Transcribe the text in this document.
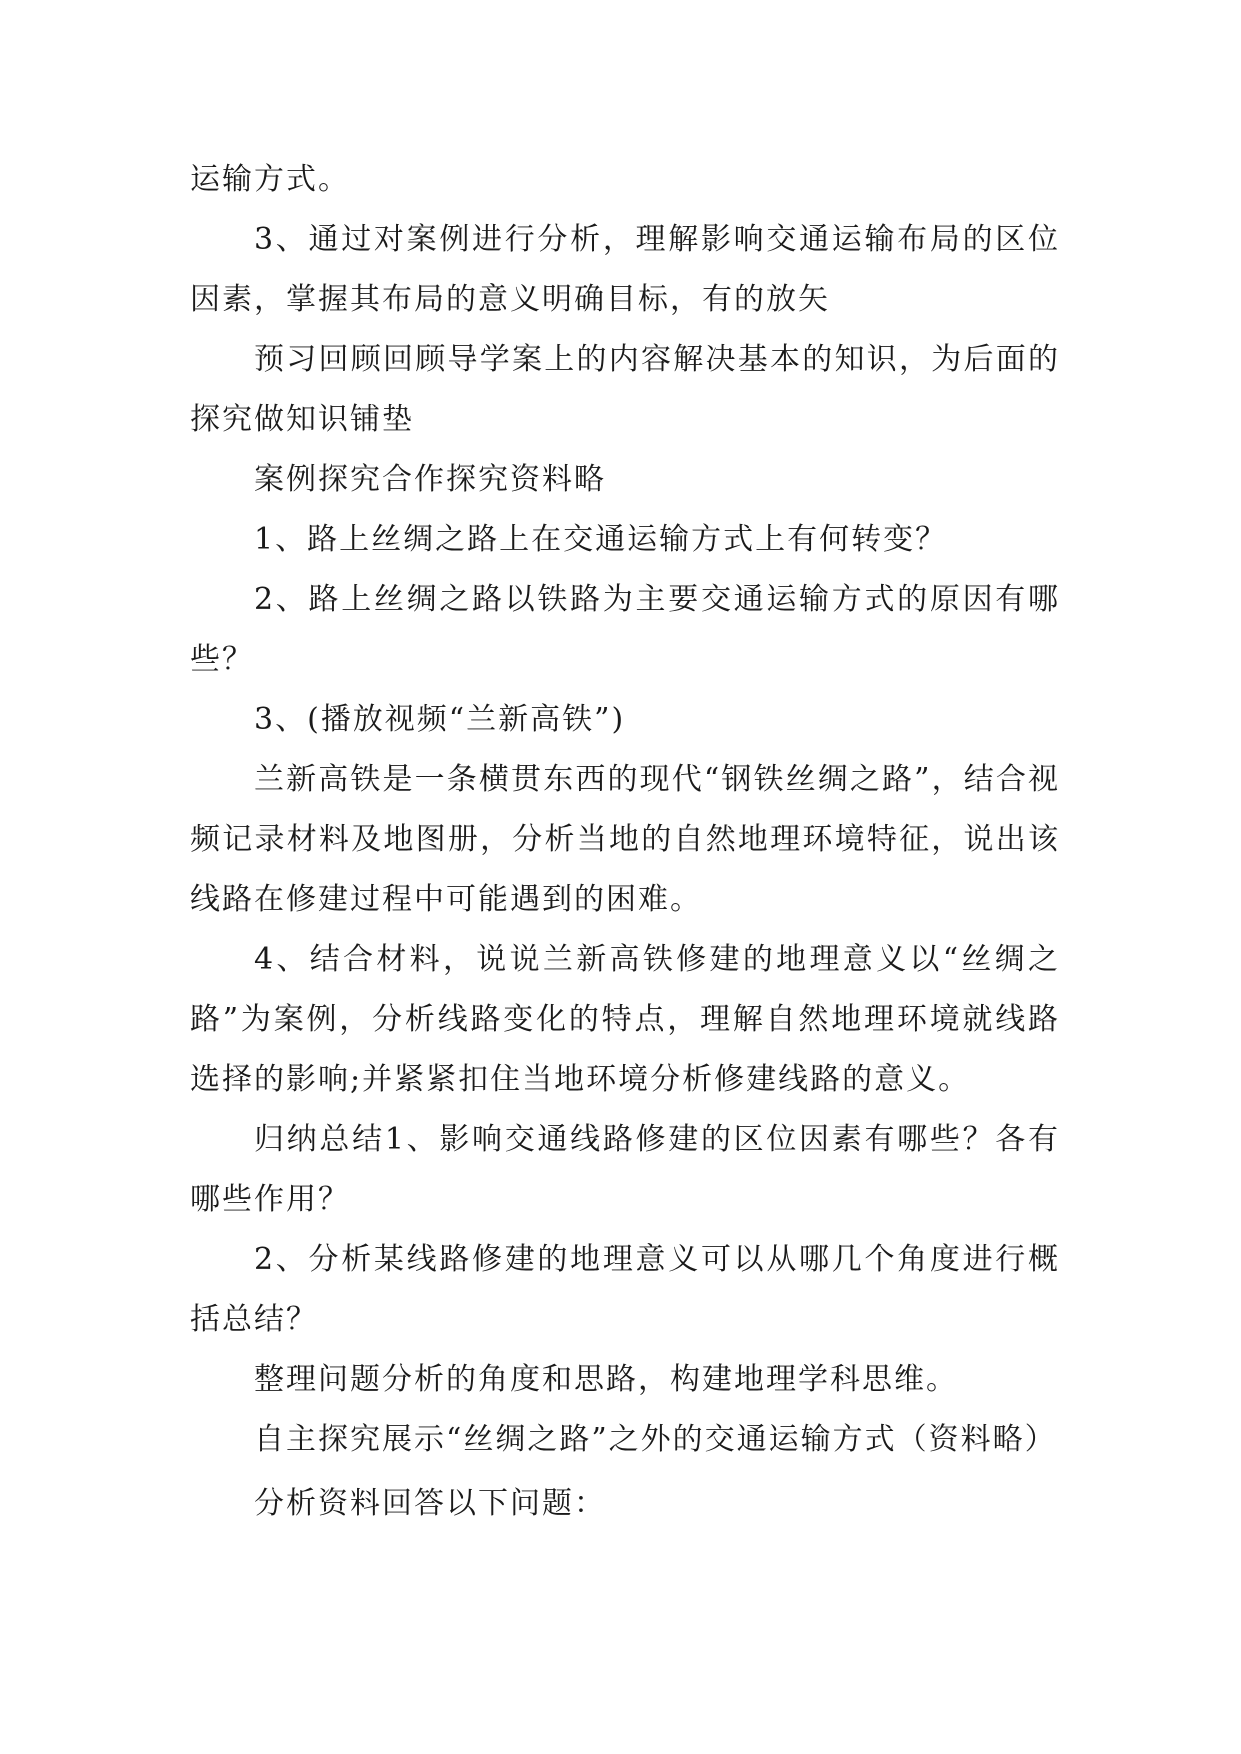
运输方式。

3、通过对案例进行分析，理解影响交通运输布局的区位因素，掌握其布局的意义明确目标，有的放矢

预习回顾回顾导学案上的内容解决基本的知识，为后面的探究做知识铺垫

案例探究合作探究资料略

1、路上丝绸之路上在交通运输方式上有何转变？

2、路上丝绸之路以铁路为主要交通运输方式的原因有哪些？

3、(播放视频“兰新高铁”)

兰新高铁是一条横贯东西的现代“钢铁丝绸之路”，结合视频记录材料及地图册，分析当地的自然地理环境特征，说出该线路在修建过程中可能遇到的困难。

4、结合材料，说说兰新高铁修建的地理意义以“丝绸之路”为案例，分析线路变化的特点，理解自然地理环境就线路选择的影响;并紧紧扣住当地环境分析修建线路的意义。

归纳总结1、影响交通线路修建的区位因素有哪些？各有哪些作用？

2、分析某线路修建的地理意义可以从哪几个角度进行概括总结？

整理问题分析的角度和思路，构建地理学科思维。

自主探究展示“丝绸之路”之外的交通运输方式（资料略）

分析资料回答以下问题：
